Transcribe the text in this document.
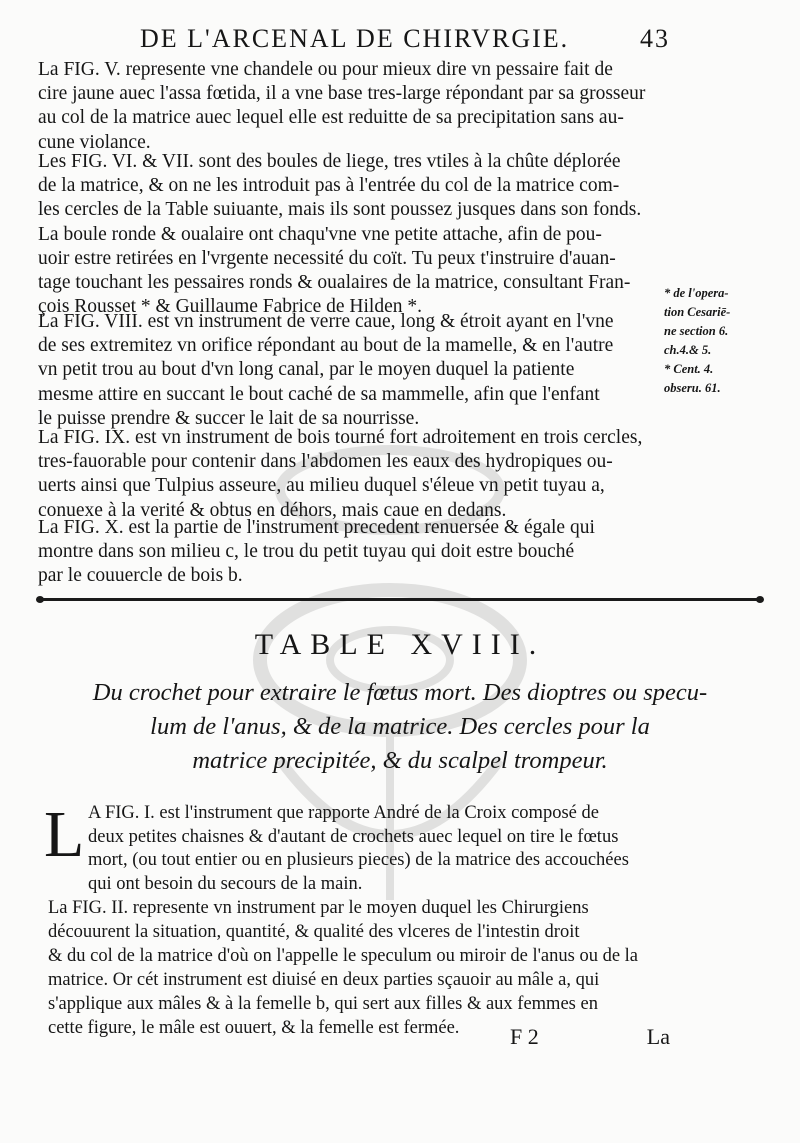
DE L'ARCENAL DE CHIRVRGIE.	43
La FIG. V. represente vne chandele ou pour mieux dire vn pessaire fait de
cire jaune auec l'assa fœtida, il a vne base tres-large répondant par sa grosseur
au col de la matrice auec lequel elle est reduitte de sa precipitation sans au-
cune violance.
Les FIG. VI. & VII. sont des boules de liege, tres vtiles à la chûte déplorée
de la matrice, & on ne les introduit pas à l'entrée du col de la matrice com-
les cercles de la Table suiuante, mais ils sont poussez jusques dans son fonds.
La boule ronde & oualaire ont chaqu'vne vne petite attache, afin de pou-
uoir estre retirées en l'vrgente necessité du coït. Tu peux t'instruire d'auan-
tage touchant les pessaires ronds & oualaires de la matrice, consultant Fran-
çois Rousset * & Guillaume Fabrice de Hilden *.
* de l'opera-
tion Cesariē-
ne section 6.
ch.4.& 5.
* Cent. 4.
obseru. 61.
La FIG. VIII. est vn instrument de verre caue, long & étroit ayant en l'vne
de ses extremitez vn orifice répondant au bout de la mamelle, & en l'autre
vn petit trou au bout d'vn long canal, par le moyen duquel la patiente
mesme attire en succant le bout caché de sa mammelle, afin que l'enfant
le puisse prendre & succer le lait de sa nourrisse.
La FIG. IX. est vn instrument de bois tourné fort adroitement en trois cercles,
tres-fauorable pour contenir dans l'abdomen les eaux des hydropiques ou-
uerts ainsi que Tulpius asseure, au milieu duquel s'éleue vn petit tuyau a,
conuexe à la verité & obtus en déhors, mais caue en dedans.
La FIG. X. est la partie de l'instrument precedent renuersée & égale qui
montre dans son milieu c, le trou du petit tuyau qui doit estre bouché
par le couuercle de bois b.
TABLE XVIII.
Du crochet pour extraire le fœtus mort. Des dioptres ou specu-
lum de l'anus, & de la matrice. Des cercles pour la
matrice precipitée, & du scalpel trompeur.
L A FIG. I. est l'instrument que rapporte André de la Croix composé de
deux petites chaisnes & d'autant de crochets auec lequel on tire le fœtus
mort, (ou tout entier ou en plusieurs pieces) de la matrice des accouchées
qui ont besoin du secours de la main.
La FIG. II. represente vn instrument par le moyen duquel les Chirurgiens
découurent la situation, quantité, & qualité des vlceres de l'intestin droit
& du col de la matrice d'où on l'appelle le speculum ou miroir de l'anus ou de la
matrice. Or cét instrument est diuisé en deux parties sçauoir au mâle a, qui
s'applique aux mâles & à la femelle b, qui sert aux filles & aux femmes en
cette figure, le mâle est ouuert, & la femelle est fermée.	F 2	La
